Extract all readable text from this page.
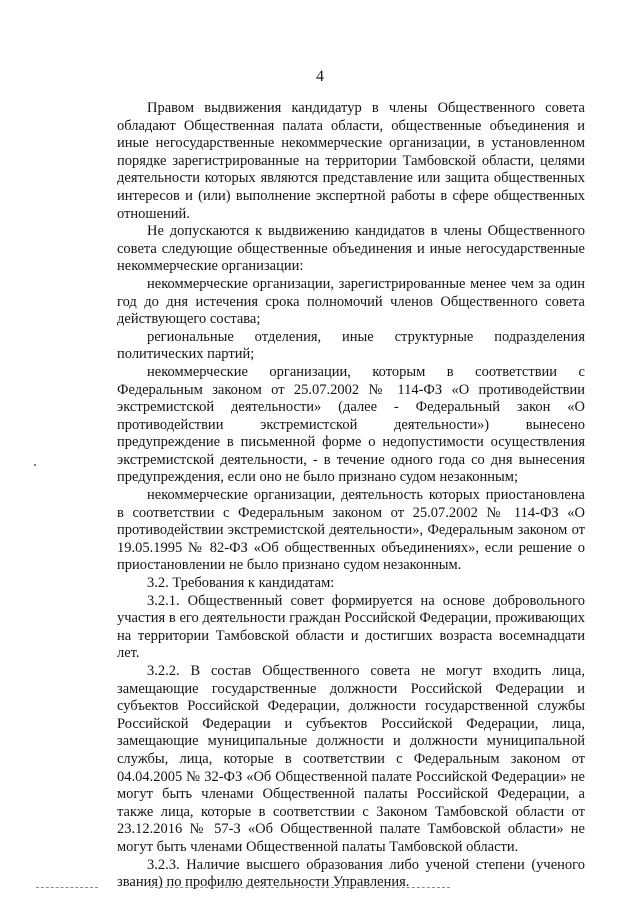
4

Правом выдвижения кандидатур в члены Общественного совета обладают Общественная палата области, общественные объединения и иные негосударственные некоммерческие организации, в установленном порядке зарегистрированные на территории Тамбовской области, целями деятельности которых являются представление или защита общественных интересов и (или) выполнение экспертной работы в сфере общественных отношений.

Не допускаются к выдвижению кандидатов в члены Общественного совета следующие общественные объединения и иные негосударственные некоммерческие организации:

некоммерческие организации, зарегистрированные менее чем за один год до дня истечения срока полномочий членов Общественного совета действующего состава;

региональные отделения, иные структурные подразделения политических партий;

некоммерческие организации, которым в соответствии с Федеральным законом от 25.07.2002 № 114-ФЗ «О противодействии экстремистской деятельности» (далее - Федеральный закон «О противодействии экстремистской деятельности») вынесено предупреждение в письменной форме о недопустимости осуществления экстремистской деятельности, - в течение одного года со дня вынесения предупреждения, если оно не было признано судом незаконным;

некоммерческие организации, деятельность которых приостановлена в соответствии с Федеральным законом от 25.07.2002 № 114-ФЗ «О противодействии экстремистской деятельности», Федеральным законом от 19.05.1995 № 82-ФЗ «Об общественных объединениях», если решение о приостановлении не было признано судом незаконным.

3.2. Требования к кандидатам:

3.2.1. Общественный совет формируется на основе добровольного участия в его деятельности граждан Российской Федерации, проживающих на территории Тамбовской области и достигших возраста восемнадцати лет.

3.2.2. В состав Общественного совета не могут входить лица, замещающие государственные должности Российской Федерации и субъектов Российской Федерации, должности государственной службы Российской Федерации и субъектов Российской Федерации, лица, замещающие муниципальные должности и должности муниципальной службы, лица, которые в соответствии с Федеральным законом от 04.04.2005 № 32-ФЗ «Об Общественной палате Российской Федерации» не могут быть членами Общественной палаты Российской Федерации, а также лица, которые в соответствии с Законом Тамбовской области от 23.12.2016 № 57-З «Об Общественной палате Тамбовской области» не могут быть членами Общественной палаты Тамбовской области.

3.2.3. Наличие высшего образования либо ученой степени (ученого звания) по профилю деятельности Управления.
